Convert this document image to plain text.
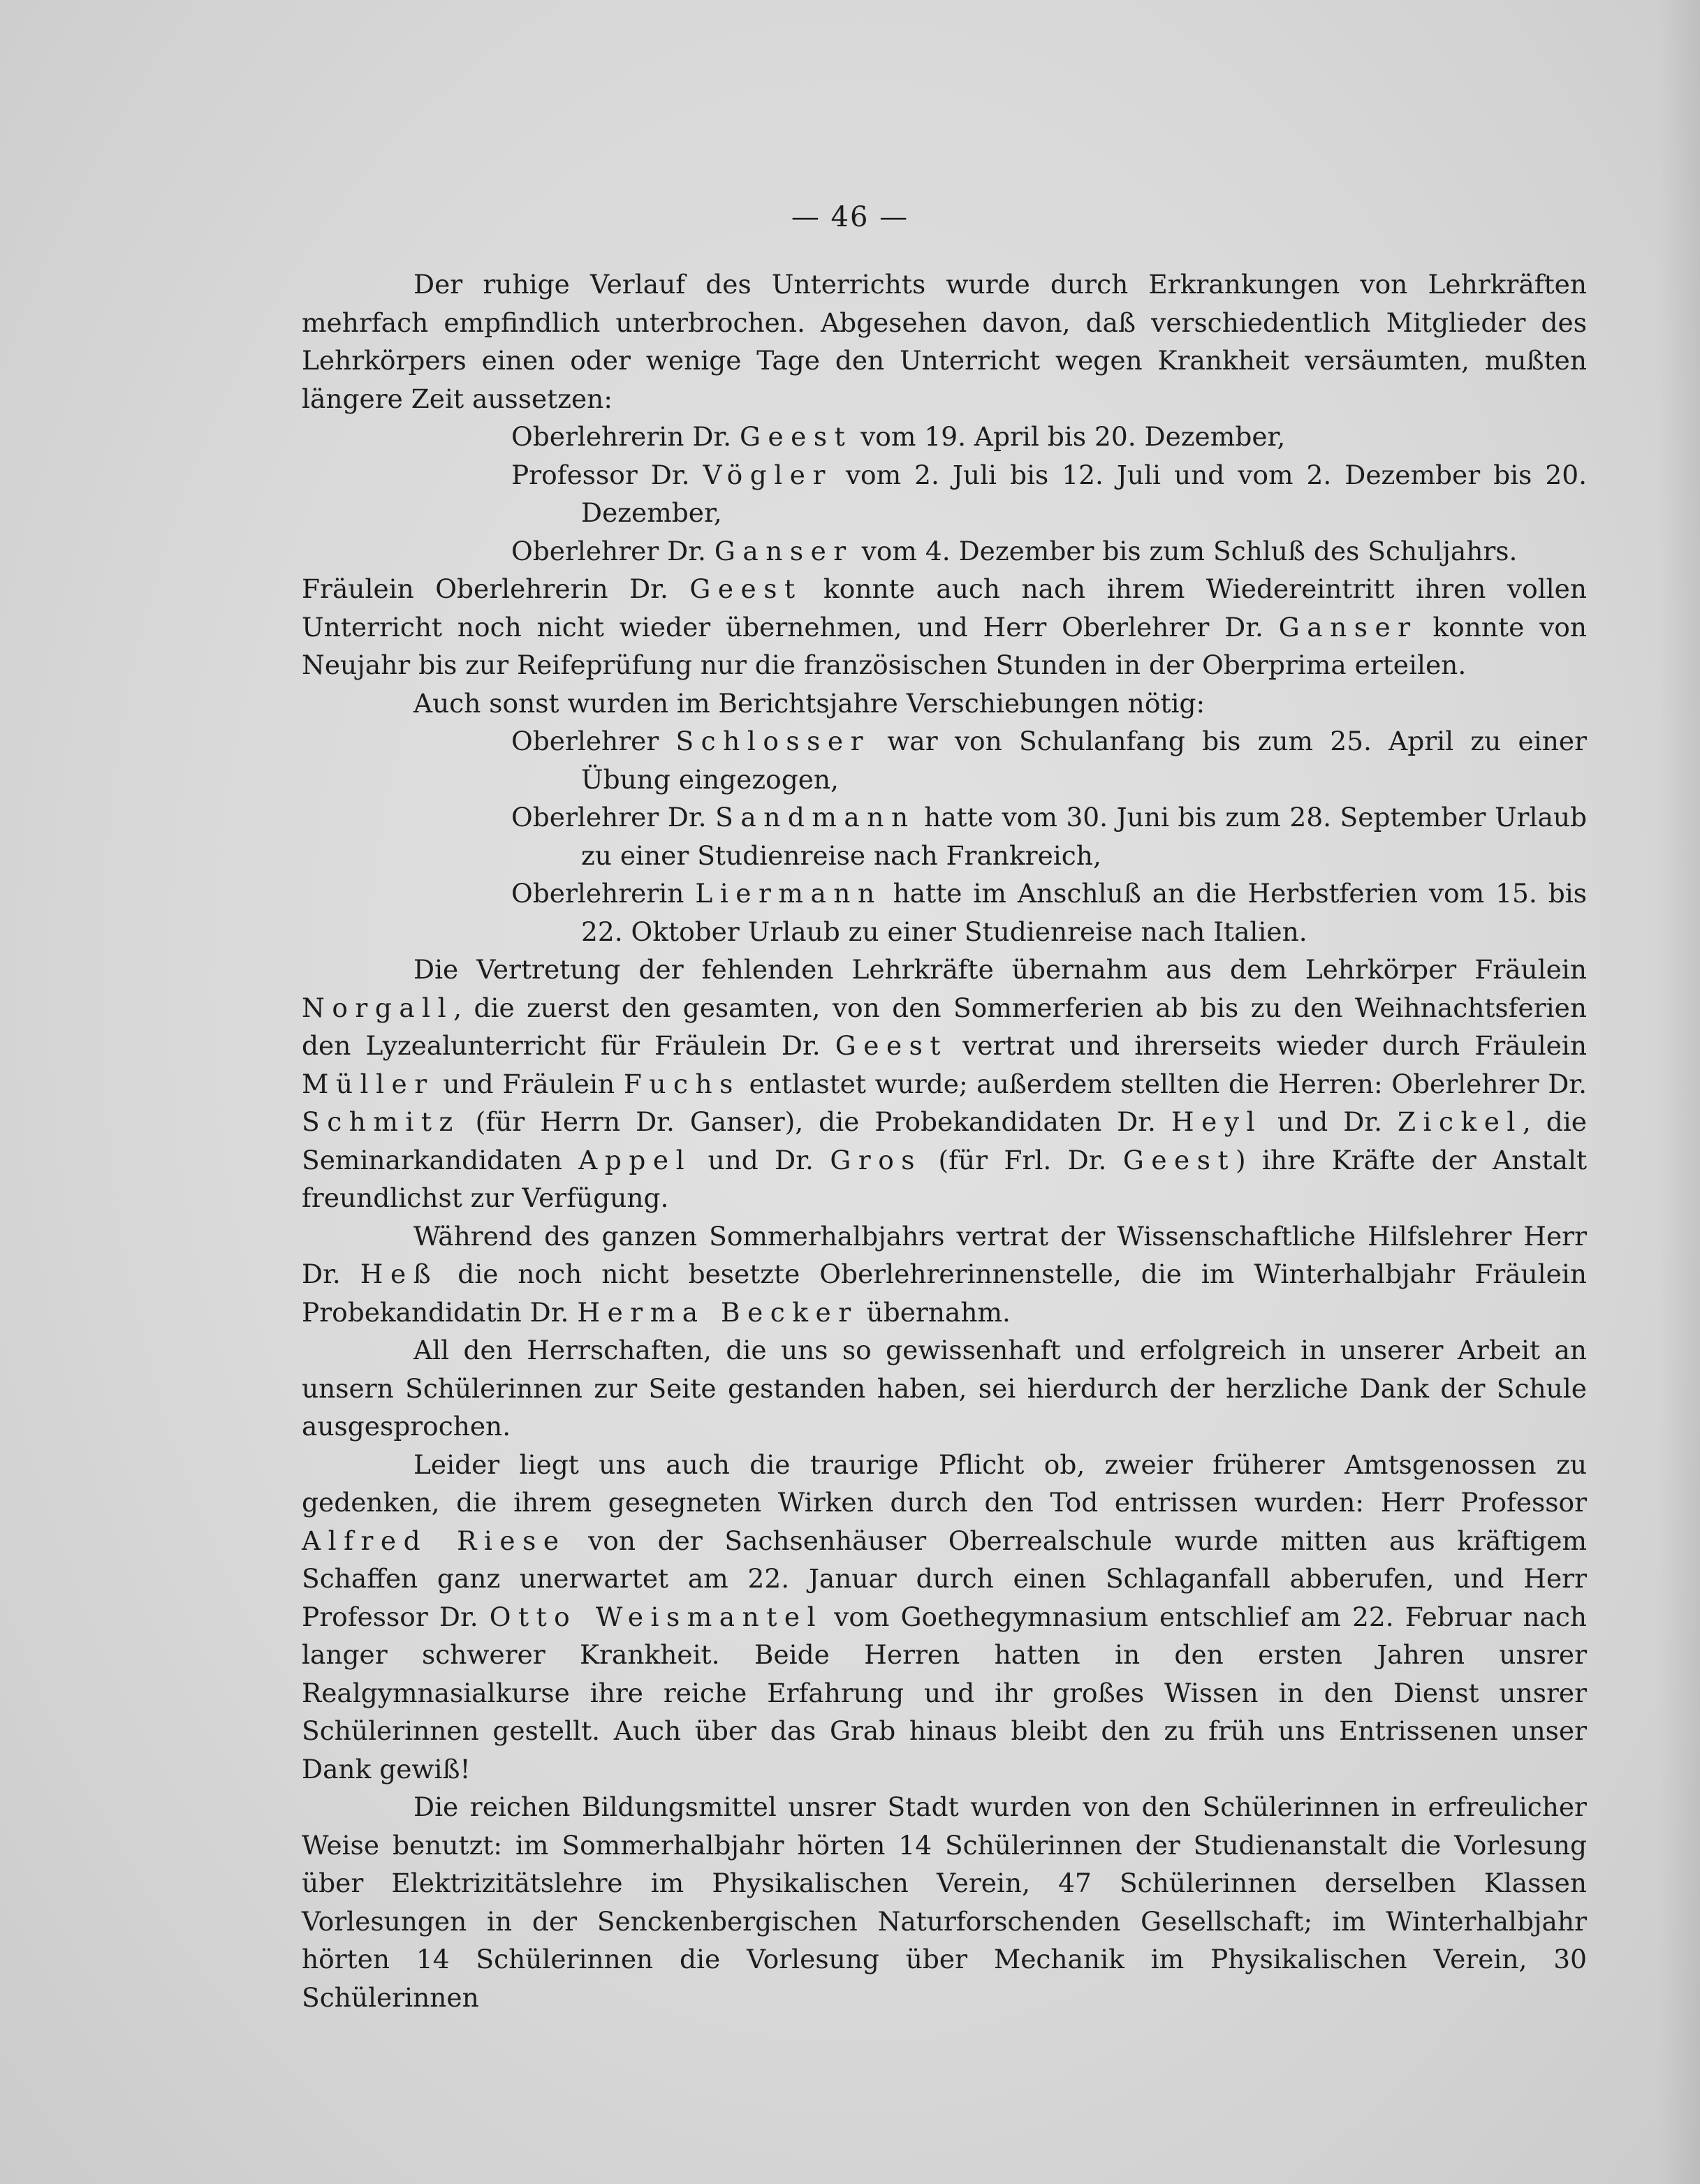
— 46 —

Der ruhige Verlauf des Unterrichts wurde durch Erkrankungen von Lehrkräften mehrfach empfindlich unterbrochen. Abgesehen davon, daß verschiedentlich Mitglieder des Lehrkörpers einen oder wenige Tage den Unterricht wegen Krankheit versäumten, mußten längere Zeit aussetzen:

Oberlehrerin Dr. Geest vom 19. April bis 20. Dezember,

Professor Dr. Vögler vom 2. Juli bis 12. Juli und vom 2. Dezember bis 20. Dezember,

Oberlehrer Dr. Ganser vom 4. Dezember bis zum Schluß des Schuljahrs.

Fräulein Oberlehrerin Dr. Geest konnte auch nach ihrem Wiedereintritt ihren vollen Unterricht noch nicht wieder übernehmen, und Herr Oberlehrer Dr. Ganser konnte von Neujahr bis zur Reifeprüfung nur die französischen Stunden in der Oberprima erteilen.

Auch sonst wurden im Berichtsjahre Verschiebungen nötig:

Oberlehrer Schlosser war von Schulanfang bis zum 25. April zu einer Übung eingezogen,

Oberlehrer Dr. Sandmann hatte vom 30. Juni bis zum 28. September Urlaub zu einer Studienreise nach Frankreich,

Oberlehrerin Liermann hatte im Anschluß an die Herbstferien vom 15. bis 22. Oktober Urlaub zu einer Studienreise nach Italien.

Die Vertretung der fehlenden Lehrkräfte übernahm aus dem Lehrkörper Fräulein Norgall, die zuerst den gesamten, von den Sommerferien ab bis zu den Weihnachtsferien den Lyzealunterricht für Fräulein Dr. Geest vertrat und ihrerseits wieder durch Fräulein Müller und Fräulein Fuchs entlastet wurde; außerdem stellten die Herren: Oberlehrer Dr. Schmitz (für Herrn Dr. Ganser), die Probekandidaten Dr. Heyl und Dr. Zickel, die Seminarkandidaten Appel und Dr. Gros (für Frl. Dr. Geest) ihre Kräfte der Anstalt freundlichst zur Verfügung.

Während des ganzen Sommerhalbjahrs vertrat der Wissenschaftliche Hilfslehrer Herr Dr. Heß die noch nicht besetzte Oberlehrerinnenstelle, die im Winterhalbjahr Fräulein Probekandidatin Dr. Herma Becker übernahm.

All den Herrschaften, die uns so gewissenhaft und erfolgreich in unserer Arbeit an unsern Schülerinnen zur Seite gestanden haben, sei hierdurch der herzliche Dank der Schule ausgesprochen.

Leider liegt uns auch die traurige Pflicht ob, zweier früherer Amtsgenossen zu gedenken, die ihrem gesegneten Wirken durch den Tod entrissen wurden: Herr Professor Alfred Riese von der Sachsenhäuser Oberrealschule wurde mitten aus kräftigem Schaffen ganz unerwartet am 22. Januar durch einen Schlaganfall abberufen, und Herr Professor Dr. Otto Weismantel vom Goethegymnasium entschlief am 22. Februar nach langer schwerer Krankheit. Beide Herren hatten in den ersten Jahren unsrer Realgymnasialkurse ihre reiche Erfahrung und ihr großes Wissen in den Dienst unsrer Schülerinnen gestellt. Auch über das Grab hinaus bleibt den zu früh uns Entrissenen unser Dank gewiß!

Die reichen Bildungsmittel unsrer Stadt wurden von den Schülerinnen in erfreulicher Weise benutzt: im Sommerhalbjahr hörten 14 Schülerinnen der Studienanstalt die Vorlesung über Elektrizitätslehre im Physikalischen Verein, 47 Schülerinnen derselben Klassen Vorlesungen in der Senckenbergischen Naturforschenden Gesellschaft; im Winterhalbjahr hörten 14 Schülerinnen die Vorlesung über Mechanik im Physikalischen Verein, 30 Schülerinnen
